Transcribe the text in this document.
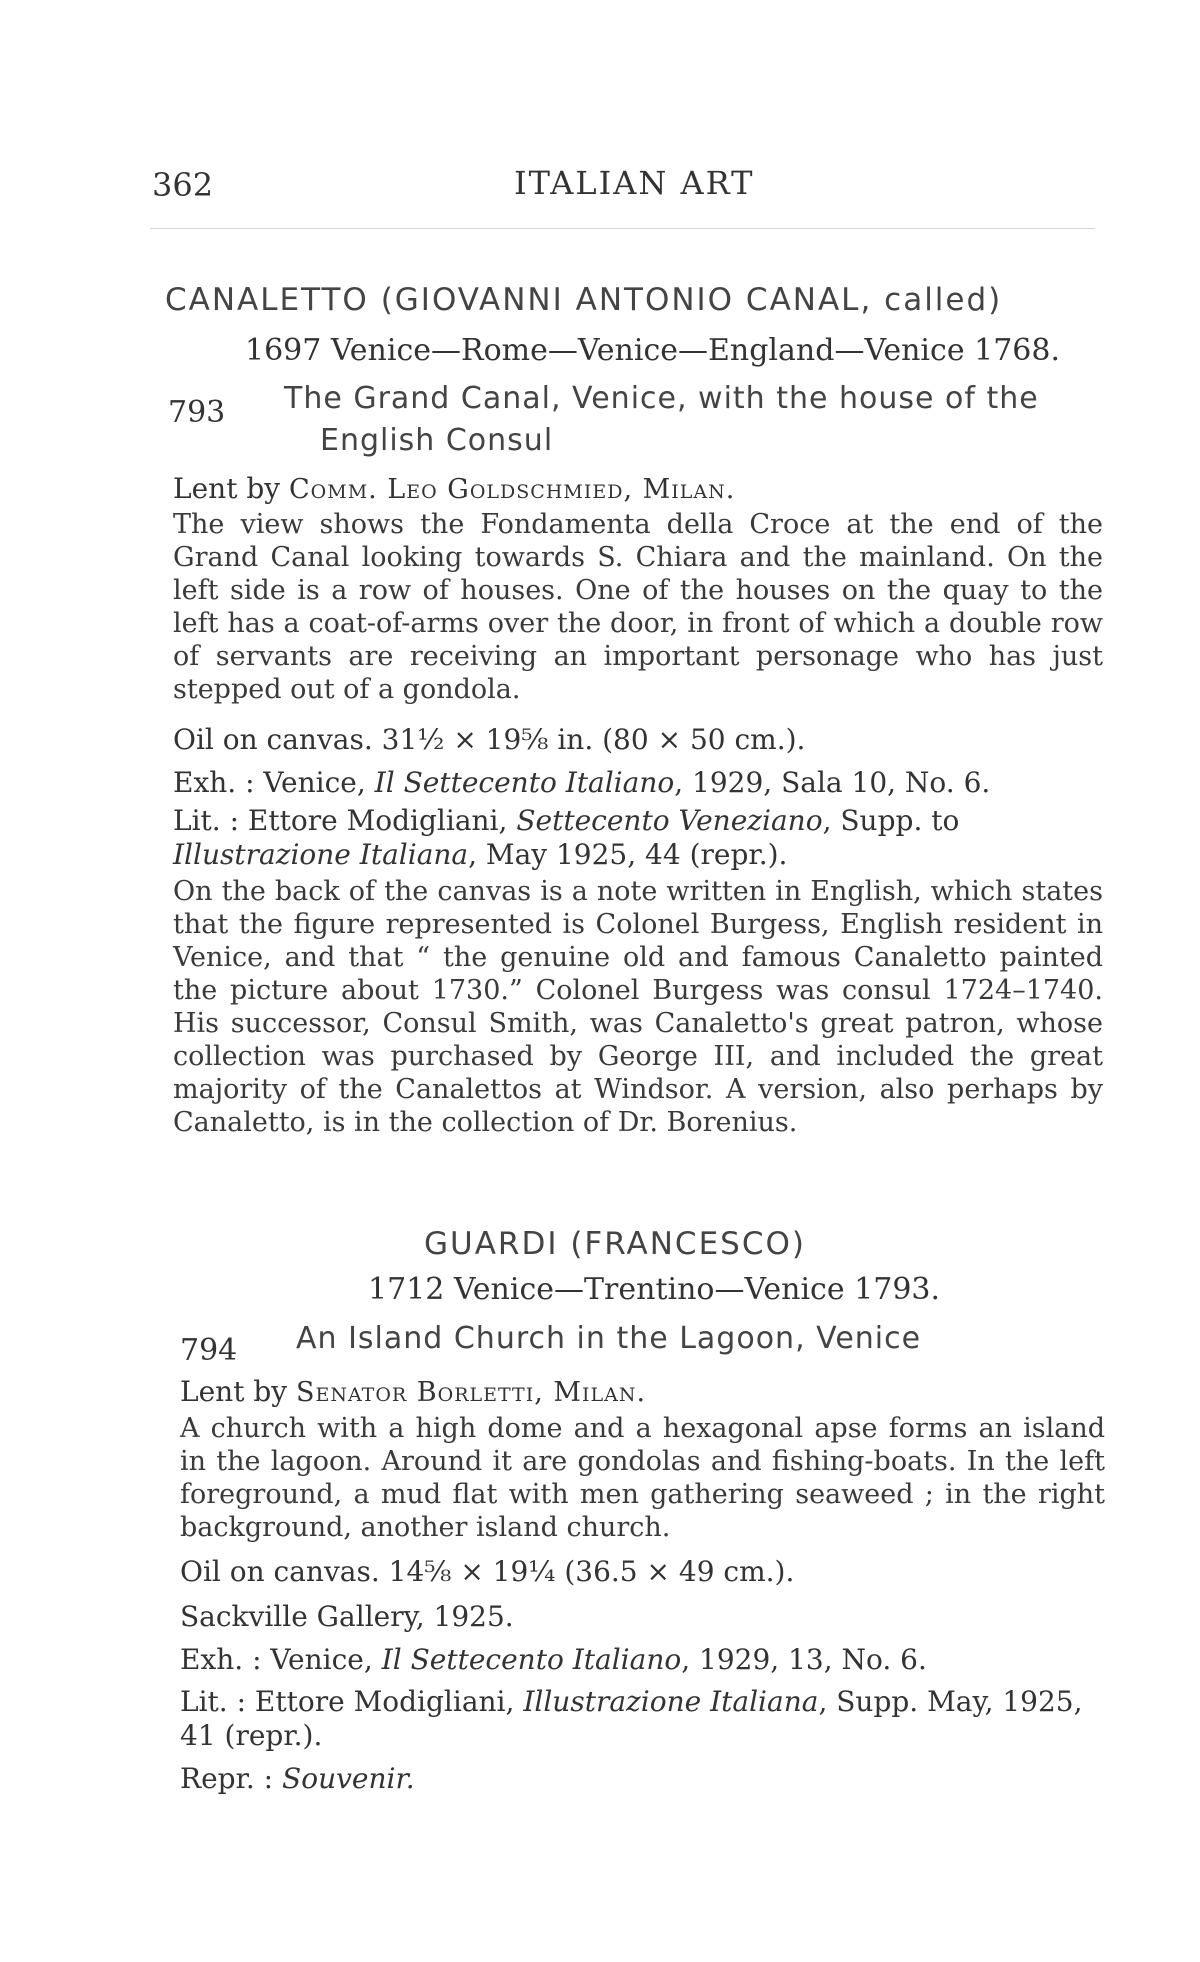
362	ITALIAN ART
CANALETTO (GIOVANNI ANTONIO CANAL, called)
1697 Venice—Rome—Venice—England—Venice 1768.
793 The Grand Canal, Venice, with the house of the
English Consul
Lent by Comm. Leo Goldschmied, Milan.
The view shows the Fondamenta della Croce at the end of the Grand Canal looking towards S. Chiara and the mainland. On the left side is a row of houses. One of the houses on the quay to the left has a coat-of-arms over the door, in front of which a double row of servants are receiving an important personage who has just stepped out of a gondola.
Oil on canvas. 31½ × 19⅝ in. (80 × 50 cm.).
Exh. : Venice, Il Settecento Italiano, 1929, Sala 10, No. 6.
Lit. : Ettore Modigliani, Settecento Veneziano, Supp. to Illustrazione Italiana, May 1925, 44 (repr.).
On the back of the canvas is a note written in English, which states that the figure represented is Colonel Burgess, English resident in Venice, and that “ the genuine old and famous Canaletto painted the picture about 1730.” Colonel Burgess was consul 1724–1740. His successor, Consul Smith, was Canaletto's great patron, whose collection was purchased by George III, and included the great majority of the Canalettos at Windsor. A version, also perhaps by Canaletto, is in the collection of Dr. Borenius.
GUARDI (FRANCESCO)
1712 Venice—Trentino—Venice 1793.
794 An Island Church in the Lagoon, Venice
Lent by Senator Borletti, Milan.
A church with a high dome and a hexagonal apse forms an island in the lagoon. Around it are gondolas and fishing-boats. In the left foreground, a mud flat with men gathering seaweed ; in the right background, another island church.
Oil on canvas. 14⅝ × 19¼ (36.5 × 49 cm.).
Sackville Gallery, 1925.
Exh. : Venice, Il Settecento Italiano, 1929, 13, No. 6.
Lit. : Ettore Modigliani, Illustrazione Italiana, Supp. May, 1925, 41 (repr.).
Repr. : Souvenir.
